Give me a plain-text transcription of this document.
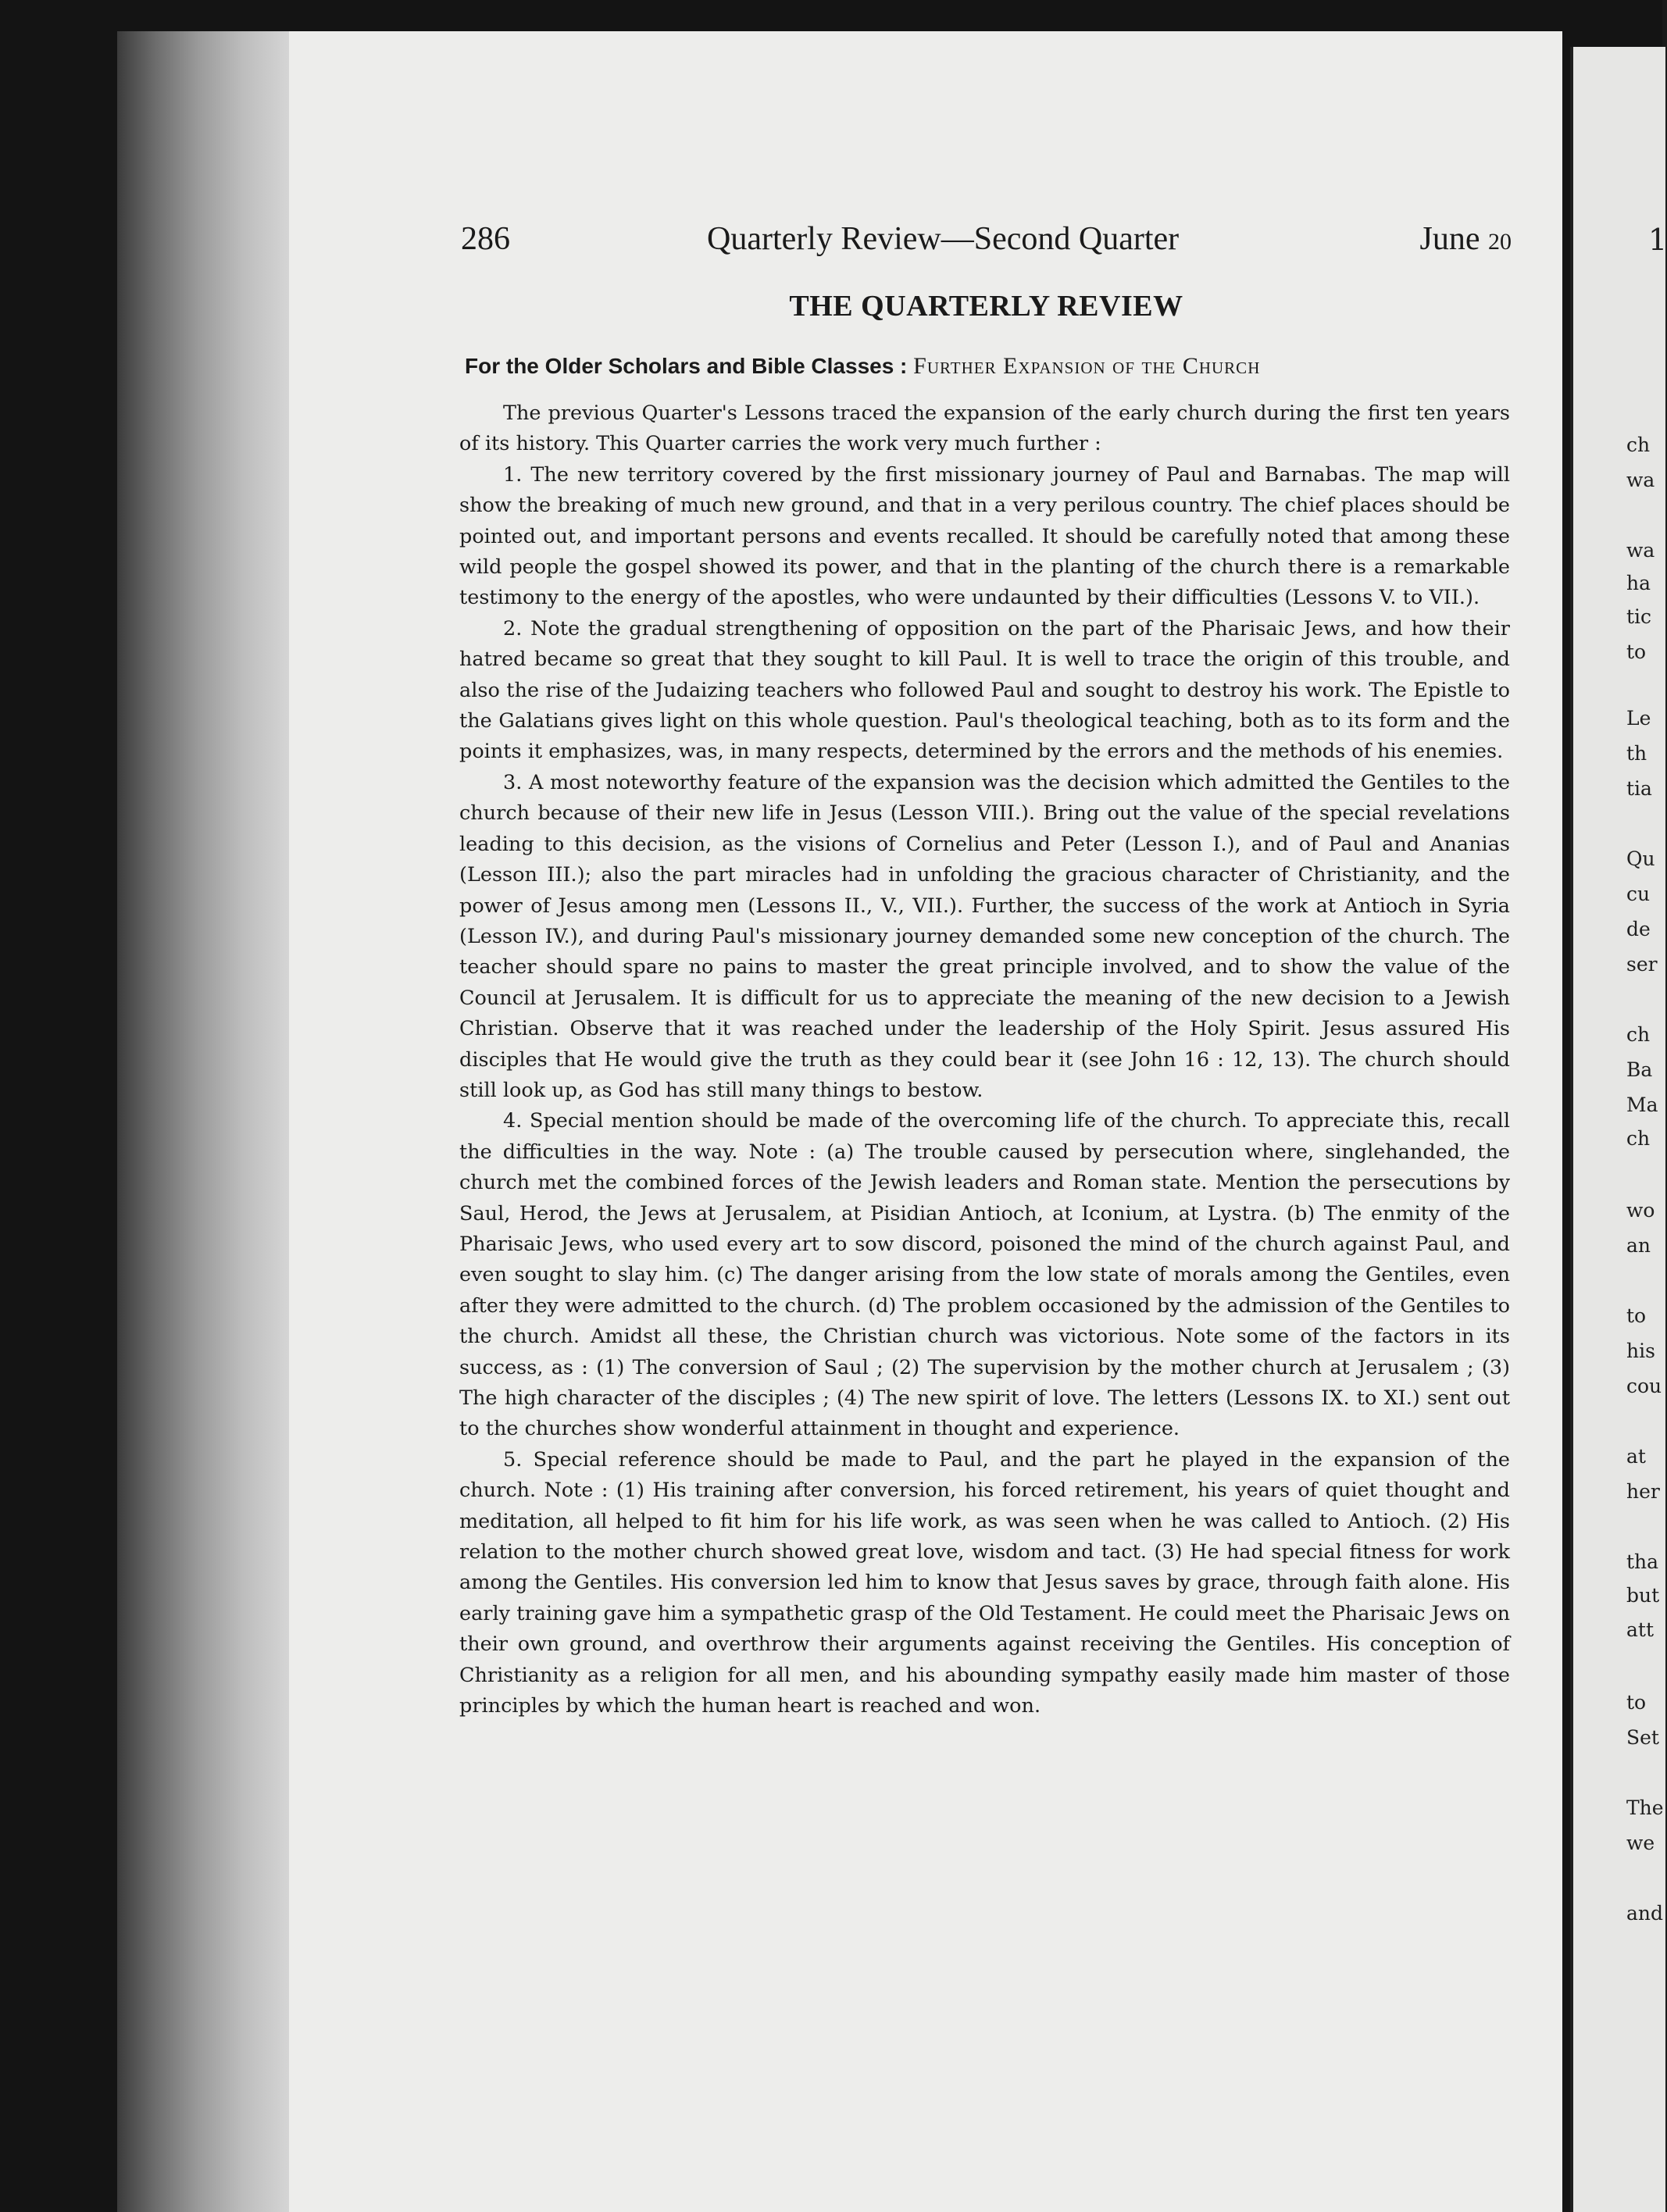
1
ch
wa
wa
ha
tic
to
Le
th
tia
Qu
cu
de
ser
ch
Ba
Ma
ch
wo
an
to
his
cou
at
her
tha
but
att
to
Set
The
we
and
286	Quarterly Review—Second Quarter	June 20
THE QUARTERLY REVIEW
For the Older Scholars and Bible Classes : Further Expansion of the Church

The previous Quarter's Lessons traced the expansion of the early church during the first ten years of its history. This Quarter carries the work very much further :

1. The new territory covered by the first missionary journey of Paul and Barnabas. The map will show the breaking of much new ground, and that in a very perilous country. The chief places should be pointed out, and important persons and events recalled. It should be carefully noted that among these wild people the gospel showed its power, and that in the planting of the church there is a remarkable testimony to the energy of the apostles, who were undaunted by their difficulties (Lessons V. to VII.).

2. Note the gradual strengthening of opposition on the part of the Pharisaic Jews, and how their hatred became so great that they sought to kill Paul. It is well to trace the origin of this trouble, and also the rise of the Judaizing teachers who followed Paul and sought to destroy his work. The Epistle to the Galatians gives light on this whole question. Paul's theological teaching, both as to its form and the points it emphasizes, was, in many respects, determined by the errors and the methods of his enemies.

3. A most noteworthy feature of the expansion was the decision which admitted the Gentiles to the church because of their new life in Jesus (Lesson VIII.). Bring out the value of the special revelations leading to this decision, as the visions of Cornelius and Peter (Lesson I.), and of Paul and Ananias (Lesson III.); also the part miracles had in unfolding the gracious character of Christianity, and the power of Jesus among men (Lessons II., V., VII.). Further, the success of the work at Antioch in Syria (Lesson IV.), and during Paul's missionary journey demanded some new conception of the church. The teacher should spare no pains to master the great principle involved, and to show the value of the Council at Jerusalem. It is difficult for us to appreciate the meaning of the new decision to a Jewish Christian. Observe that it was reached under the leadership of the Holy Spirit. Jesus assured His disciples that He would give the truth as they could bear it (see John 16 : 12, 13). The church should still look up, as God has still many things to bestow.

4. Special mention should be made of the overcoming life of the church. To appreciate this, recall the difficulties in the way. Note : (a) The trouble caused by persecution where, singlehanded, the church met the combined forces of the Jewish leaders and Roman state. Mention the persecutions by Saul, Herod, the Jews at Jerusalem, at Pisidian Antioch, at Iconium, at Lystra. (b) The enmity of the Pharisaic Jews, who used every art to sow discord, poisoned the mind of the church against Paul, and even sought to slay him. (c) The danger arising from the low state of morals among the Gentiles, even after they were admitted to the church. (d) The problem occasioned by the admission of the Gentiles to the church. Amidst all these, the Christian church was victorious. Note some of the factors in its success, as : (1) The conversion of Saul ; (2) The supervision by the mother church at Jerusalem ; (3) The high character of the disciples ; (4) The new spirit of love. The letters (Lessons IX. to XI.) sent out to the churches show wonderful attainment in thought and experience.

5. Special reference should be made to Paul, and the part he played in the expansion of the church. Note : (1) His training after conversion, his forced retirement, his years of quiet thought and meditation, all helped to fit him for his life work, as was seen when he was called to Antioch. (2) His relation to the mother church showed great love, wisdom and tact. (3) He had special fitness for work among the Gentiles. His conversion led him to know that Jesus saves by grace, through faith alone. His early training gave him a sympathetic grasp of the Old Testament. He could meet the Pharisaic Jews on their own ground, and overthrow their arguments against receiving the Gentiles. His conception of Christianity as a religion for all men, and his abounding sympathy easily made him master of those principles by which the human heart is reached and won.
